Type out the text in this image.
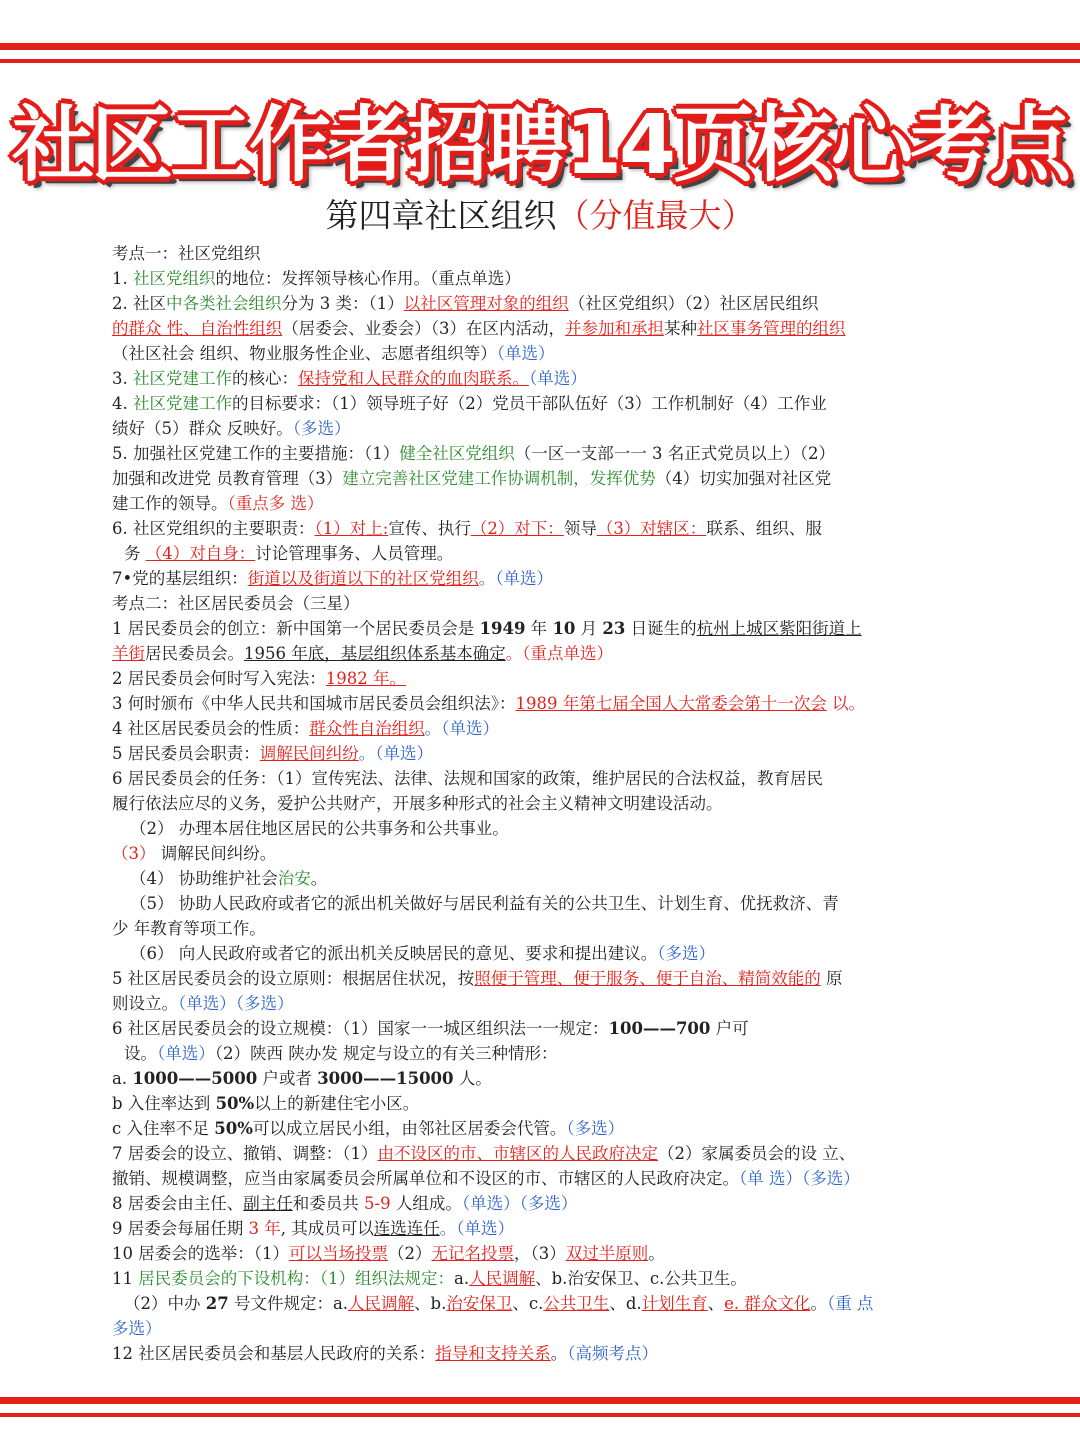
社区工作者招聘14页核心考点
第四章社区组织（分值最大）
考点一：社区党组织
1. 社区党组织的地位：发挥领导核心作用。（重点单选）
2. 社区中各类社会组织分为 3 类：（1）以社区管理对象的组织（社区党组织）（2）社区居民组织
的群众 性、自治性组织（居委会、业委会）（3）在区内活动，并参加和承担某种社区事务管理的组织
（社区社会 组织、物业服务性企业、志愿者组织等）（单选）
3. 社区党建工作的核心：保持党和人民群众的血肉联系。（单选）
4. 社区党建工作的目标要求：（1）领导班子好（2）党员干部队伍好（3）工作机制好（4）工作业
绩好（5）群众 反映好。（多选）
5. 加强社区党建工作的主要措施：（1）健全社区党组织（一区一支部一一 3 名正式党员以上）（2）
加强和改进党 员教育管理（3）建立完善社区党建工作协调机制，发挥优势（4）切实加强对社区党
建工作的领导。（重点多 选）
6. 社区党组织的主要职责：（1）对上:宣传、执行（2）对下：领导（3）对辖区：联系、组织、服
务 （4）对自身：讨论管理事务、人员管理。
7•党的基层组织：街道以及街道以下的社区党组织。（单选）
考点二：社区居民委员会（三星）
1 居民委员会的创立：新中国第一个居民委员会是 1949 年 10 月 23 日诞生的杭州上城区紫阳街道上
羊街居民委员会。1956 年底，基层组织体系基本确定。（重点单选）
2 居民委员会何时写入宪法：1982 年。
3 何时颁布《中华人民共和国城市居民委员会组织法》：1989 年第七届全国人大常委会第十一次会 以。
4 社区居民委员会的性质：群众性自治组织。（单选）
5 居民委员会职责：调解民间纠纷。（单选）
6 居民委员会的任务：（1）宣传宪法、法律、法规和国家的政策，维护居民的合法权益，教育居民
履行依法应尽的义务，爱护公共财产，开展多种形式的社会主义精神文明建设活动。
（2） 办理本居住地区居民的公共事务和公共事业。
（3） 调解民间纠纷。
（4） 协助维护社会治安。
（5） 协助人民政府或者它的派出机关做好与居民利益有关的公共卫生、计划生育、优抚救济、青
少 年教育等项工作。
（6） 向人民政府或者它的派出机关反映居民的意见、要求和提出建议。（多选）
5 社区居民委员会的设立原则：根据居住状况，按照便于管理、便于服务、便于自治、精简效能的 原
则设立。（单选）（多选）
6 社区居民委员会的设立规模：（1）国家一一城区组织法一一规定：100——700 户可
设。（单选）（2）陕西 陕办发 规定与设立的有关三种情形：
a. 1000——5000 户或者 3000——15000 人。
b 入住率达到 50%以上的新建住宅小区。
c 入住率不足 50%可以成立居民小组，由邻社区居委会代管。（多选）
7 居委会的设立、撤销、调整：（1）由不设区的市、市辖区的人民政府决定（2）家属委员会的设 立、
撤销、规模调整，应当由家属委员会所属单位和不设区的市、市辖区的人民政府决定。（单 选）（多选）
8 居委会由主任、副主任和委员共 5-9 人组成。（单选）（多选）
9 居委会每届任期 3 年, 其成员可以连选连任。（单选）
10 居委会的选举：（1）可以当场投票（2）无记名投票，（3）双过半原则。
11 居民委员会的下设机构：（1）组织法规定：a.人民调解、b.治安保卫、c.公共卫生。
（2）中办 27 号文件规定：a.人民调解、b.治安保卫、c.公共卫生、d.计划生育、e. 群众文化。（重 点
多选）
12 社区居民委员会和基层人民政府的关系：指导和支持关系。（高频考点）
